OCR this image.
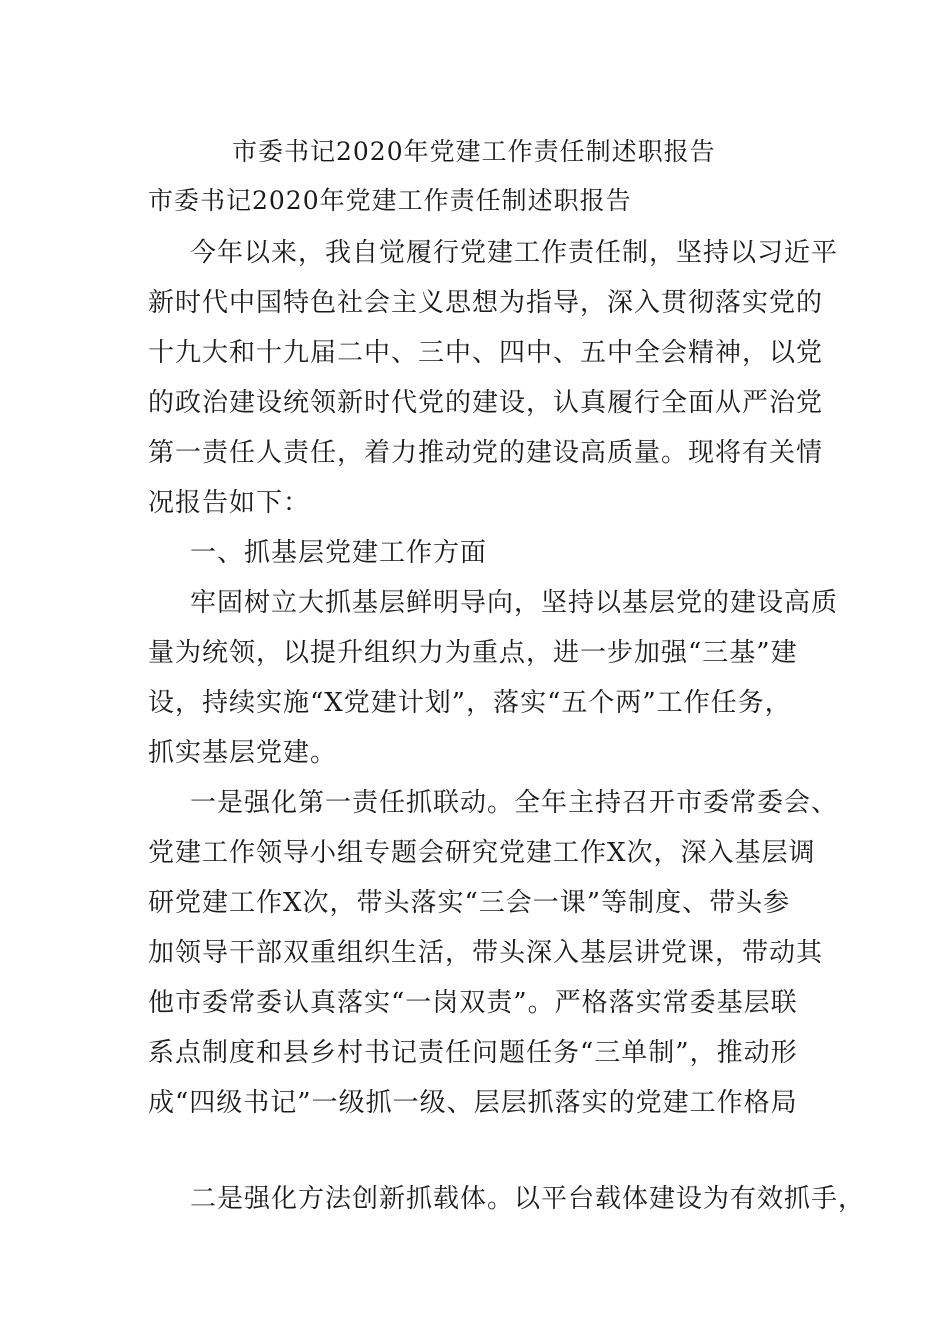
市委书记2020年党建工作责任制述职报告
市委书记2020年党建工作责任制述职报告
今年以来，我自觉履行党建工作责任制，坚持以习近平
新时代中国特色社会主义思想为指导，深入贯彻落实党的
十九大和十九届二中、三中、四中、五中全会精神，以党
的政治建设统领新时代党的建设，认真履行全面从严治党
第一责任人责任，着力推动党的建设高质量。现将有关情
况报告如下：
一、抓基层党建工作方面
牢固树立大抓基层鲜明导向，坚持以基层党的建设高质
量为统领，以提升组织力为重点，进一步加强“三基”建
设，持续实施“X党建计划”，落实“五个两”工作任务，
抓实基层党建。
一是强化第一责任抓联动。全年主持召开市委常委会、
党建工作领导小组专题会研究党建工作X次，深入基层调
研党建工作X次，带头落实“三会一课”等制度、带头参
加领导干部双重组织生活，带头深入基层讲党课，带动其
他市委常委认真落实“一岗双责”。严格落实常委基层联
系点制度和县乡村书记责任问题任务“三单制”，推动形
成“四级书记”一级抓一级、层层抓落实的党建工作格局
二是强化方法创新抓载体。以平台载体建设为有效抓手，
